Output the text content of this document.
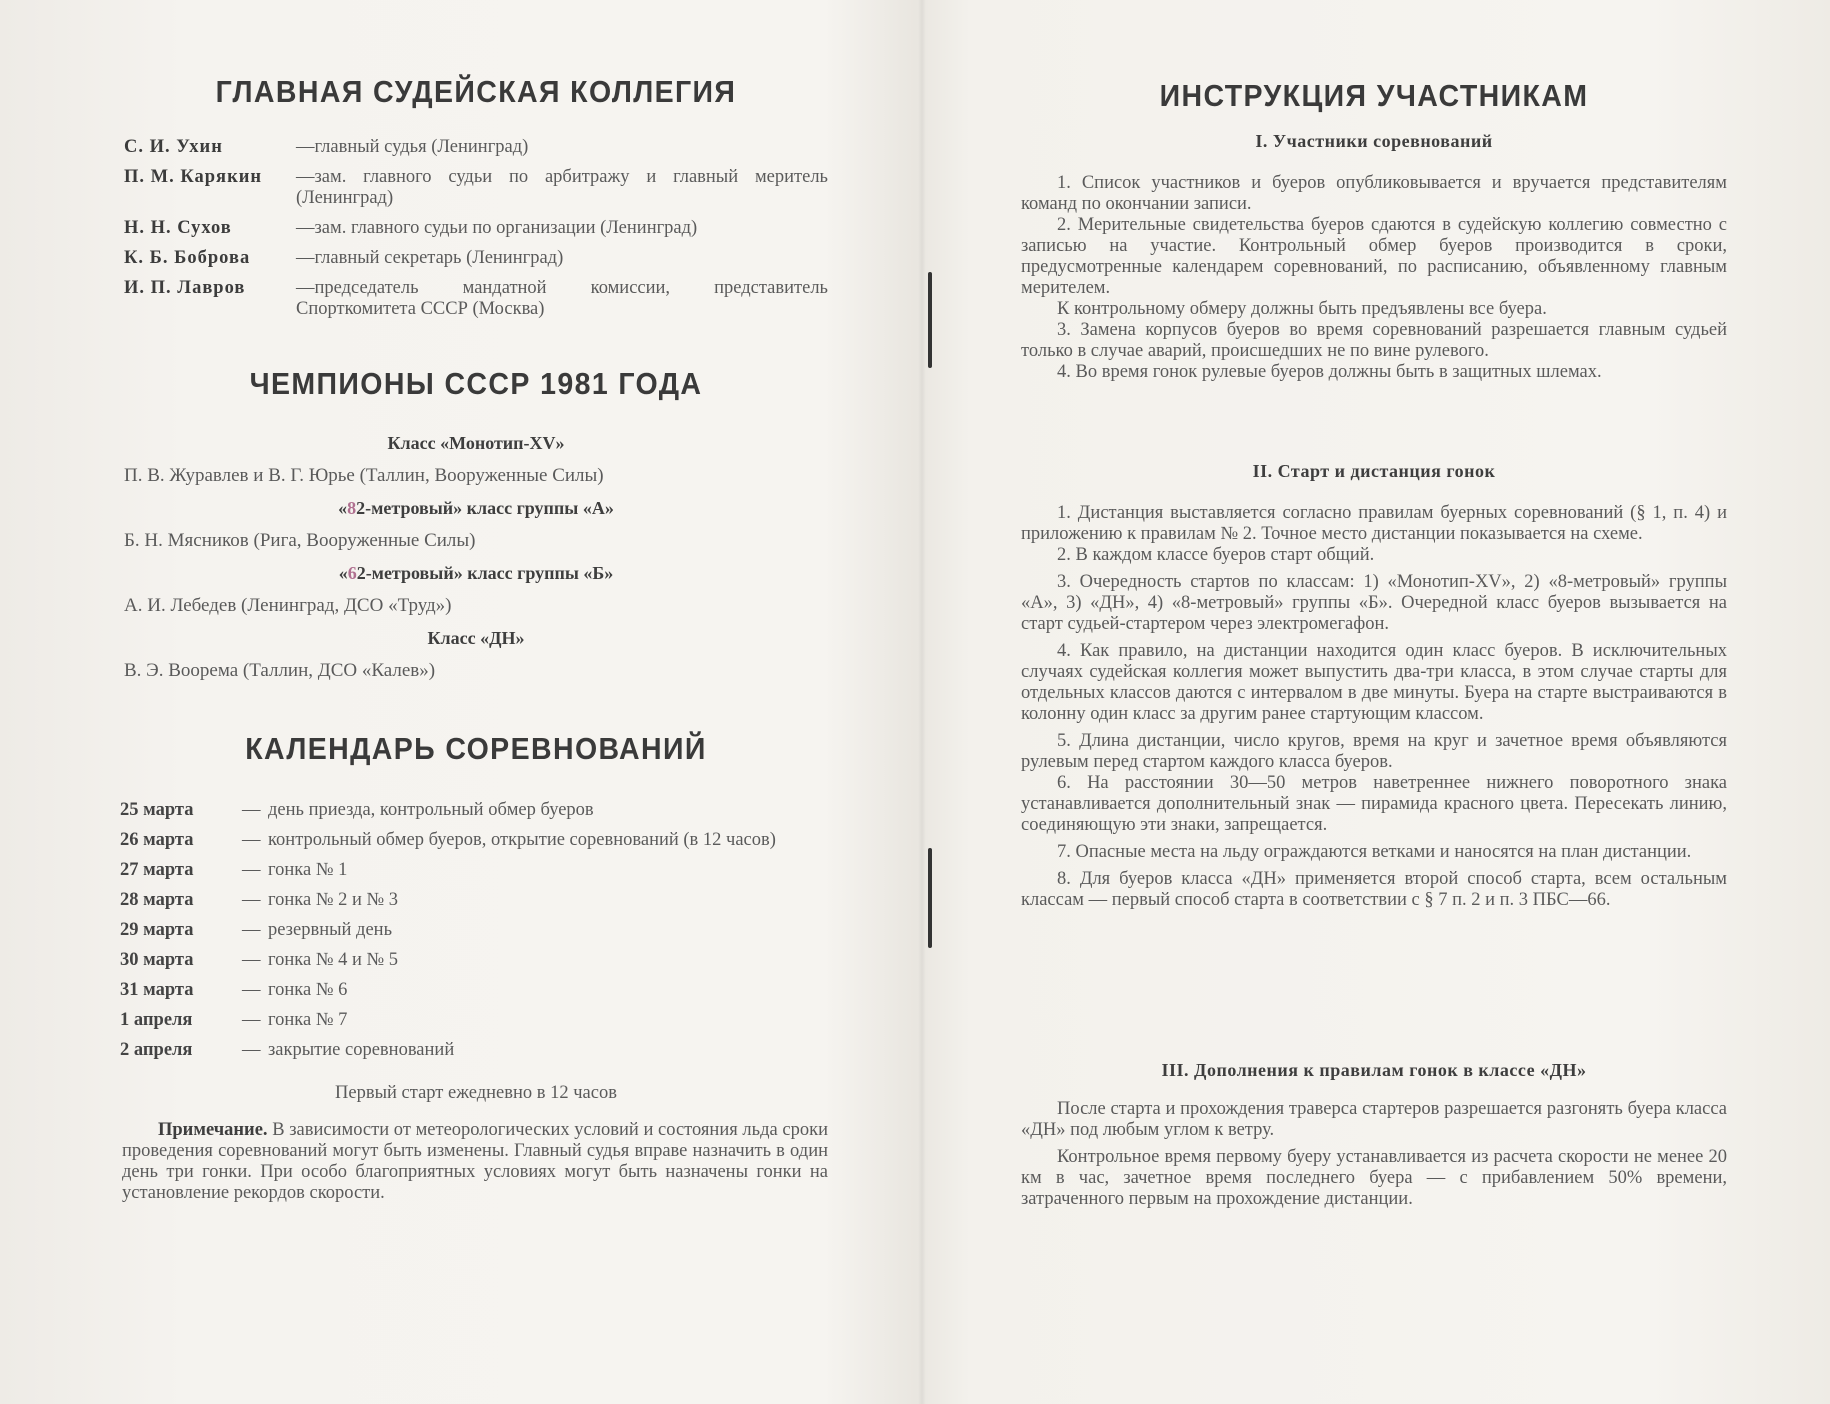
ГЛАВНАЯ СУДЕЙСКАЯ КОЛЛЕГИЯ
С. И. Ухин	—главный судья (Ленинград)
П. М. Карякин	—зам. главного судьи по арбитражу и главный мeритель (Ленинград)
Н. Н. Сухов	—зам. главного судьи по организации (Ленинград)
К. Б. Боброва	—главный секретарь (Ленинград)
И. П. Лавров	—председатель мандатной комиссии, представитель Спорткомитета СССР (Москва)
ЧЕМПИОНЫ СССР 1981 ГОДА
Класс «Монотип-XV»
П. В. Журавлев и В. Г. Юрье (Таллин, Вооруженные Силы)
«82-метровый» класс группы «А»
Б. Н. Мясников (Рига, Вооруженные Силы)
«62-метровый» класс группы «Б»
А. И. Лебедев (Ленинград, ДСО «Труд»)
Класс «ДН»
В. Э. Воорема (Таллин, ДСО «Калев»)
КАЛЕНДАРЬ СОРЕВНОВАНИЙ
25 марта	— день приезда, контрольный обмер буеров
26 марта	— контрольный обмер буеров, открытие соревнований (в 12 часов)
27 марта	— гонка № 1
28 марта	— гонка № 2 и № 3
29 марта	— резервный день
30 марта	— гонка № 4 и № 5
31 марта	— гонка № 6
1 апреля	— гонка № 7
2 апреля	— закрытие соревнований
Первый старт ежедневно в 12 часов

Примечание. В зависимости от метеорологических условий и состояния льда сроки проведения соревнований могут быть изменены. Главный судья вправе назначить в один день три гонки. При особо благоприятных условиях могут быть назначены гонки на установление рекордов скорости.

ИНСТРУКЦИЯ УЧАСТНИКАМ
I. Участники соревнований

1. Список участников и буеров опубликовывается и вручается представителям команд по окончании записи.

2. Мерительные свидетельства буеров сдаются в судейскую коллегию совместно с записью на участие. Контрольный обмер буеров производится в сроки, предусмотренные календарем соревнований, по расписанию, объявленному главным мерителем.

К контрольному обмеру должны быть предъявлены все буера.

3. Замена корпусов буеров во время соревнований разрешается главным судьей только в случае аварий, происшедших не по вине рулевого.

4. Во время гонок рулевые буеров должны быть в защитных шлемах.

II. Старт и дистанция гонок

1. Дистанция выставляется согласно правилам буерных соревнований (§ 1, п. 4) и приложению к правилам № 2. Точное место дистанции показывается на схеме.

2. В каждом классе буеров старт общий.

3. Очередность стартов по классам: 1) «Монотип-XV», 2) «8-метровый» группы «А», 3) «ДН», 4) «8-метровый» группы «Б». Очередной класс буеров вызывается на старт судьей-стартером через электромегафон.

4. Как правило, на дистанции находится один класс буеров. В исключительных случаях судейская коллегия может выпустить два-три класса, в этом случае старты для отдельных классов даются с интервалом в две минуты. Буера на старте выстраиваются в колонну один класс за другим ранее стартующим классом.

5. Длина дистанции, число кругов, время на круг и зачетное время объявляются рулевым перед стартом каждого класса буеров.

6. На расстоянии 30—50 метров наветреннее нижнего поворотного знака устанавливается дополнительный знак — пирамида красного цвета. Пересекать линию, соединяющую эти знаки, запрещается.

7. Опасные места на льду ограждаются ветками и наносятся на план дистанции.

8. Для буеров класса «ДН» применяется второй способ старта, всем остальным классам — первый способ старта в соответствии с § 7 п. 2 и п. 3 ПБС—66.

III. Дополнения к правилам гонок в классе «ДН»

После старта и прохождения траверса стартеров разрешается разгонять буера класса «ДН» под любым углом к ветру.

Контрольное время первому буеру устанавливается из расчета скорости не менее 20 км в час, зачетное время последнего буера — с прибавлением 50% времени, затраченного первым на прохождение дистанции.
